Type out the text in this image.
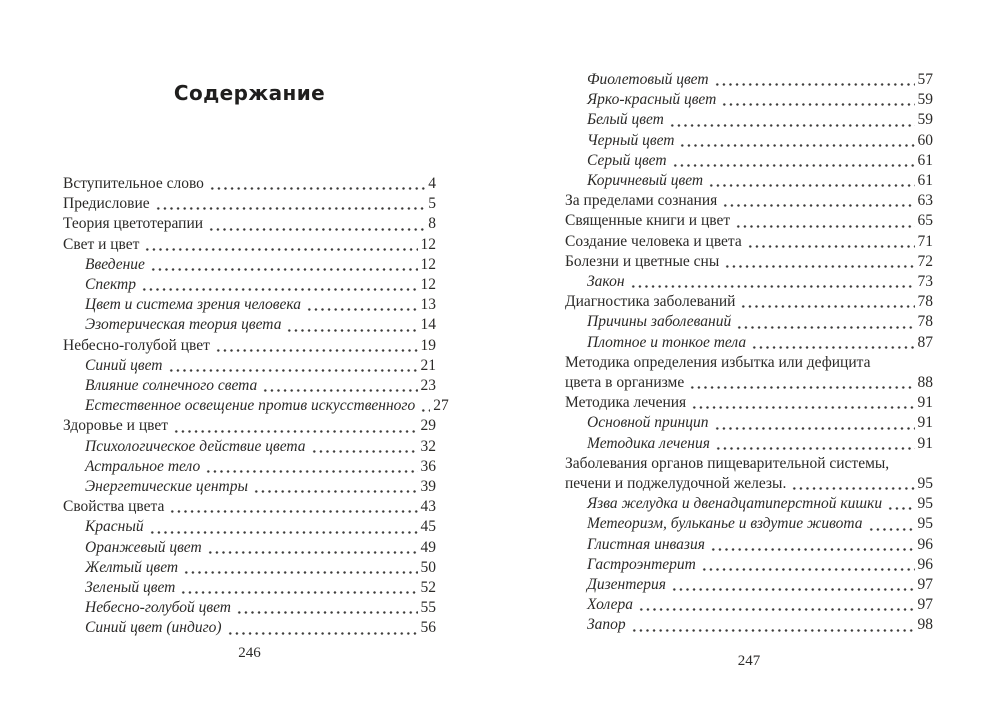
Содержание
Вступительное слово	4
Предисловие	5
Теория цветотерапии	8
Свет и цвет	12
Введение	12
Спектр	12
Цвет и система зрения человека	13
Эзотерическая теория цвета	14
Небесно-голубой цвет	19
Синий цвет	21
Влияние солнечного света	23
Естественное освещение против искусственного 27
Здоровье и цвет	29
Психологическое действие цвета	32
Астральное тело	36
Энергетические центры	39
Свойства цвета	43
Красный	45
Оранжевый цвет	49
Желтый цвет	50
Зеленый цвет	52
Небесно-голубой цвет	55
Синий цвет (индиго)	56
246
Фиолетовый цвет	57
Ярко-красный цвет	59
Белый цвет	59
Черный цвет	60
Серый цвет	61
Коричневый цвет	61
За пределами сознания	63
Священные книги и цвет	65
Создание человека и цвета	71
Болезни и цветные сны	72
Закон	73
Диагностика заболеваний	78
Причины заболеваний	78
Плотное и тонкое тела	87
Методика определения избытка или дефицита
цвета в организме	88
Методика лечения	91
Основной принцип	91
Методика лечения	91
Заболевания органов пищеварительной системы,
печени и поджелудочной железы.	95
Язва желудка и двенадцатиперстной кишки 95
Метеоризм, бульканье и вздутие живота	95
Глистная инвазия	96
Гастроэнтерит	96
Дизентерия	97
Холера	97
Запор	98
247
